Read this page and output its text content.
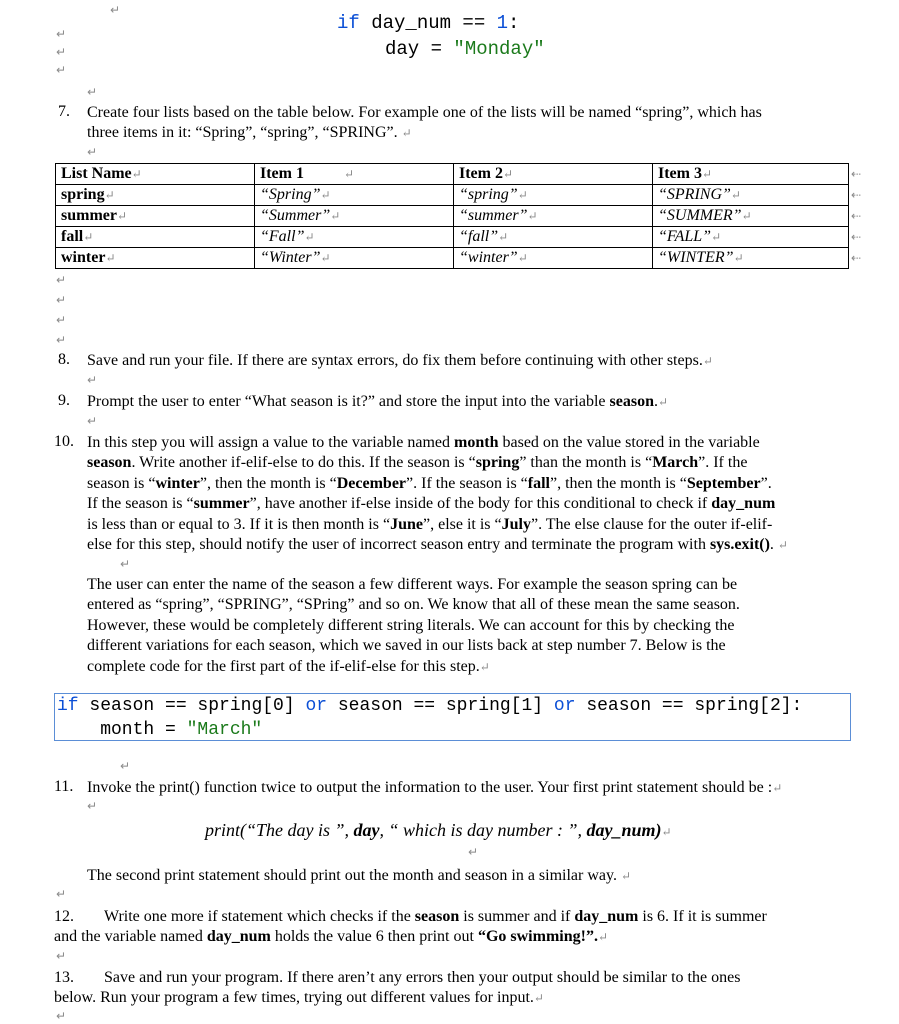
if day_num == 1:
day = "Monday"
↵
↵
↵
↵
↵
7. Create four lists based on the table below. For example one of the lists will be named “spring”, which has
three items in it: “Spring”, “spring”, “SPRING”. ↵
↵
List Name↵	Item 1 ↵	Item 2↵	Item 3↵
spring↵	“Spring”↵	“spring”↵	“SPRING”↵
summer↵	“Summer”↵	“summer”↵	“SUMMER”↵
fall↵	“Fall”↵	“fall”↵	“FALL”↵
winter↵	“Winter”↵	“winter”↵	“WINTER”↵
⇠
⇠
⇠
⇠
⇠
↵
↵
↵
↵
8. Save and run your file. If there are syntax errors, do fix them before continuing with other steps.↵
↵
9. Prompt the user to enter “What season is it?” and store the input into the variable season.↵
↵
10. In this step you will assign a value to the variable named month based on the value stored in the variable
season. Write another if-elif-else to do this. If the season is “spring” than the month is “March”. If the
season is “winter”, then the month is “December”. If the season is “fall”, then the month is “September”.
If the season is “summer”, have another if-else inside of the body for this conditional to check if day_num
is less than or equal to 3. If it is then month is “June”, else it is “July”. The else clause for the outer if-elif-
else for this step, should notify the user of incorrect season entry and terminate the program with sys.exit(). ↵
↵
The user can enter the name of the season a few different ways. For example the season spring can be
entered as “spring”, “SPRING”, “SPring” and so on. We know that all of these mean the same season.
However, these would be completely different string literals. We can account for this by checking the
different variations for each season, which we saved in our lists back at step number 7. Below is the
complete code for the first part of the if-elif-else for this step.↵
if season == spring[0] or season == spring[1] or season == spring[2]:
month = "March"
↵
11. Invoke the print() function twice to output the information to the user. Your first print statement should be :↵
↵
print(“The day is ”, day, “ which is day number : ”, day_num)↵
↵
The second print statement should print out the month and season in a similar way. ↵
↵
12. Write one more if statement which checks if the season is summer and if day_num is 6. If it is summer
and the variable named day_num holds the value 6 then print out “Go swimming!”.↵
↵
13. Save and run your program. If there aren’t any errors then your output should be similar to the ones
below. Run your program a few times, trying out different values for input.↵
↵
